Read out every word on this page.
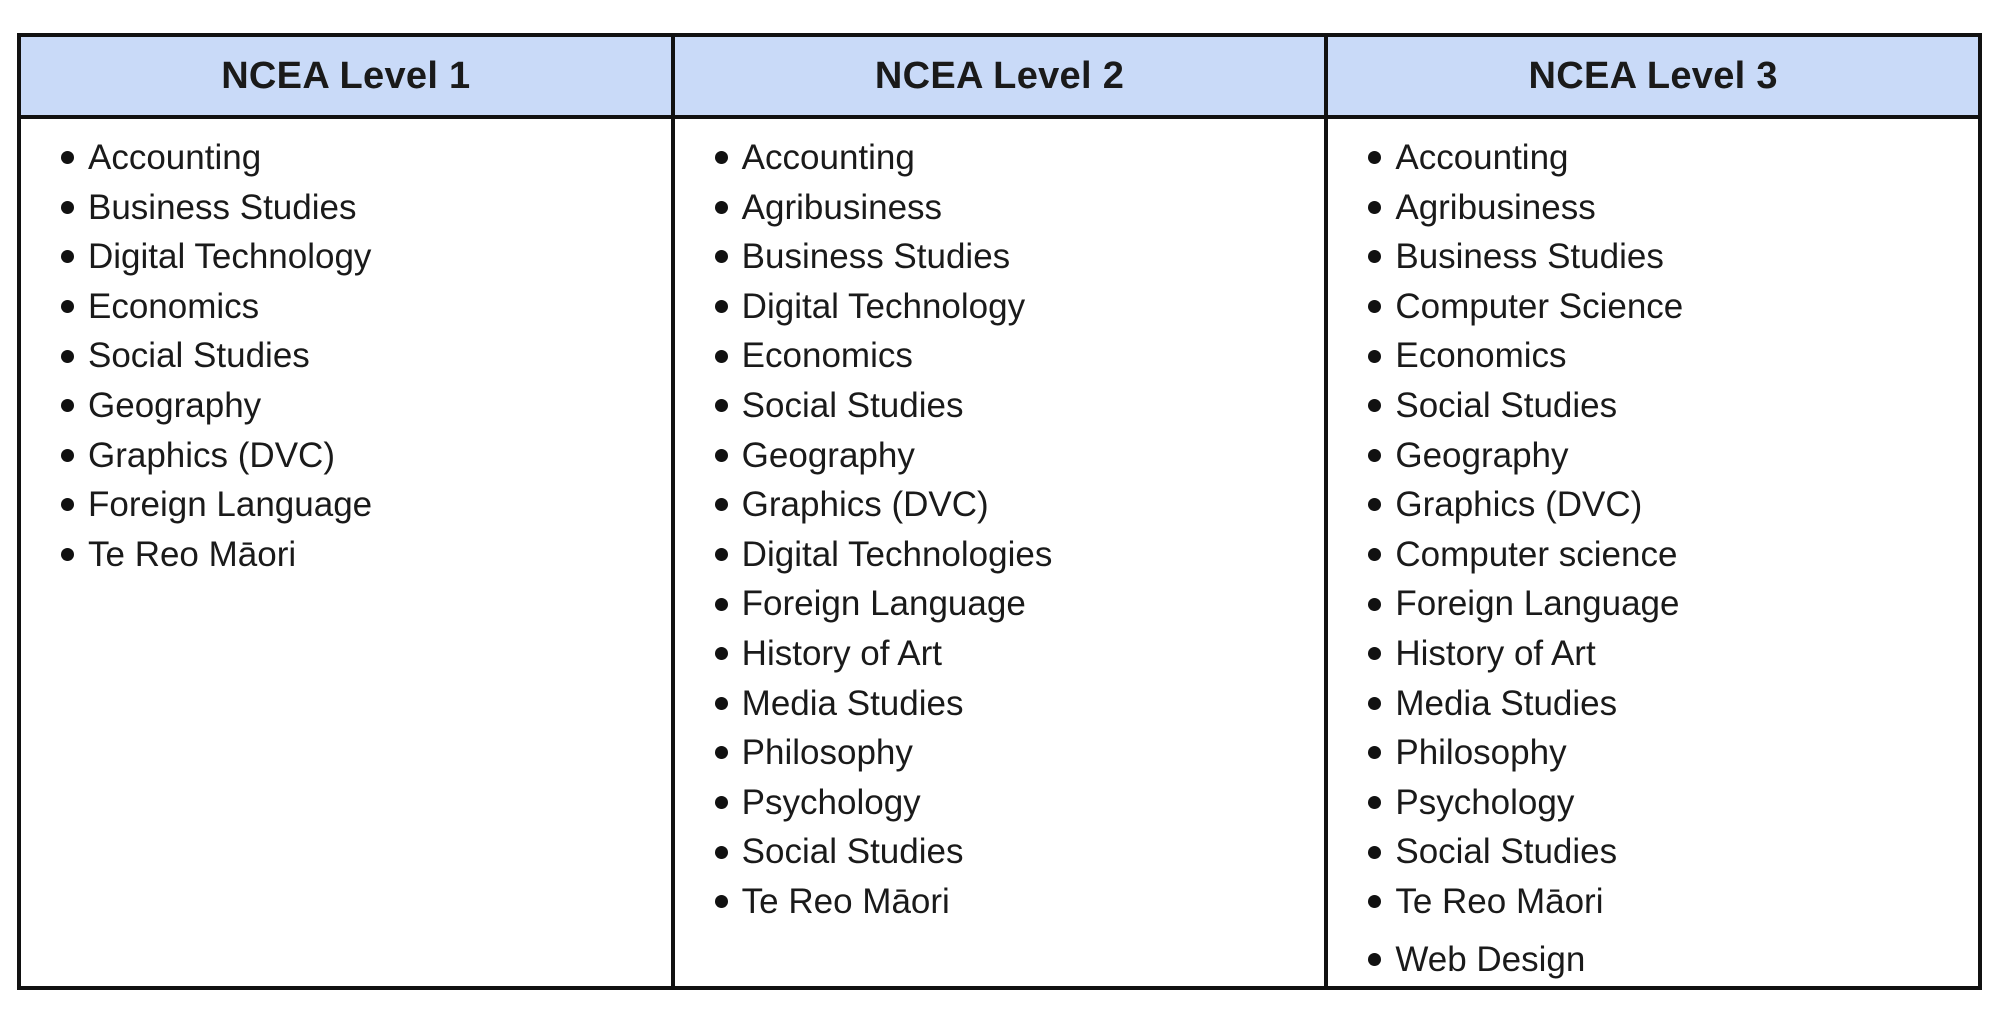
NCEA Level 1
Accounting
Business Studies
Digital Technology
Economics
Social Studies
Geography
Graphics (DVC)
Foreign Language
Te Reo Māori
NCEA Level 2
Accounting
Agribusiness
Business Studies
Digital Technology
Economics
Social Studies
Geography
Graphics (DVC)
Digital Technologies
Foreign Language
History of Art
Media Studies
Philosophy
Psychology
Social Studies
Te Reo Māori
NCEA Level 3
Accounting
Agribusiness
Business Studies
Computer Science
Economics
Social Studies
Geography
Graphics (DVC)
Computer science
Foreign Language
History of Art
Media Studies
Philosophy
Psychology
Social Studies
Te Reo Māori
Web Design
